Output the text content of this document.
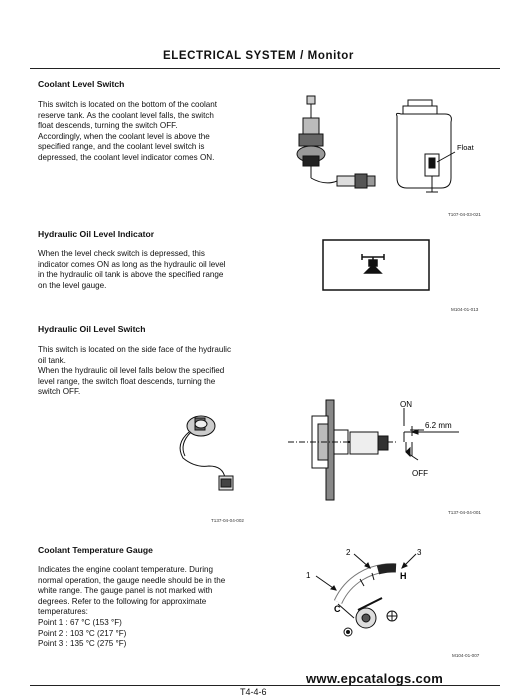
ELECTRICAL SYSTEM / Monitor
Coolant Level Switch
This switch is located on the bottom of the coolant
reserve tank. As the coolant level falls, the switch
float descends, turning the switch OFF.
Accordingly, when the coolant level is above the
specified range, and the coolant level switch is
depressed, the coolant level indicator comes ON.
Float
T107-04-03-021
Hydraulic Oil Level Indicator
When the level check switch is depressed, this
indicator comes ON as long as the hydraulic oil level
in the hydraulic oil tank is above the specified range
on the level gauge.
M104-01-013
Hydraulic Oil Level Switch
This switch is located on the side face of the hydraulic
oil tank.
When the hydraulic oil level falls below the specified
level range, the switch float descends, turning the
switch OFF.
T137-04-04-002
ON
6.2 mm
OFF
T137-04-04-001
Coolant Temperature Gauge
Indicates the engine coolant temperature. During
normal operation, the gauge needle should be in the
white range. The gauge panel is not marked with
degrees. Refer to the following for approximate
temperatures:
Point 1 : 67 °C (153 °F)
Point 2 : 103 °C (217 °F)
Point 3 : 135 °C (275 °F)
1
2	3
C
H
M104-01-007
www.epcatalogs.com
T4-4-6
